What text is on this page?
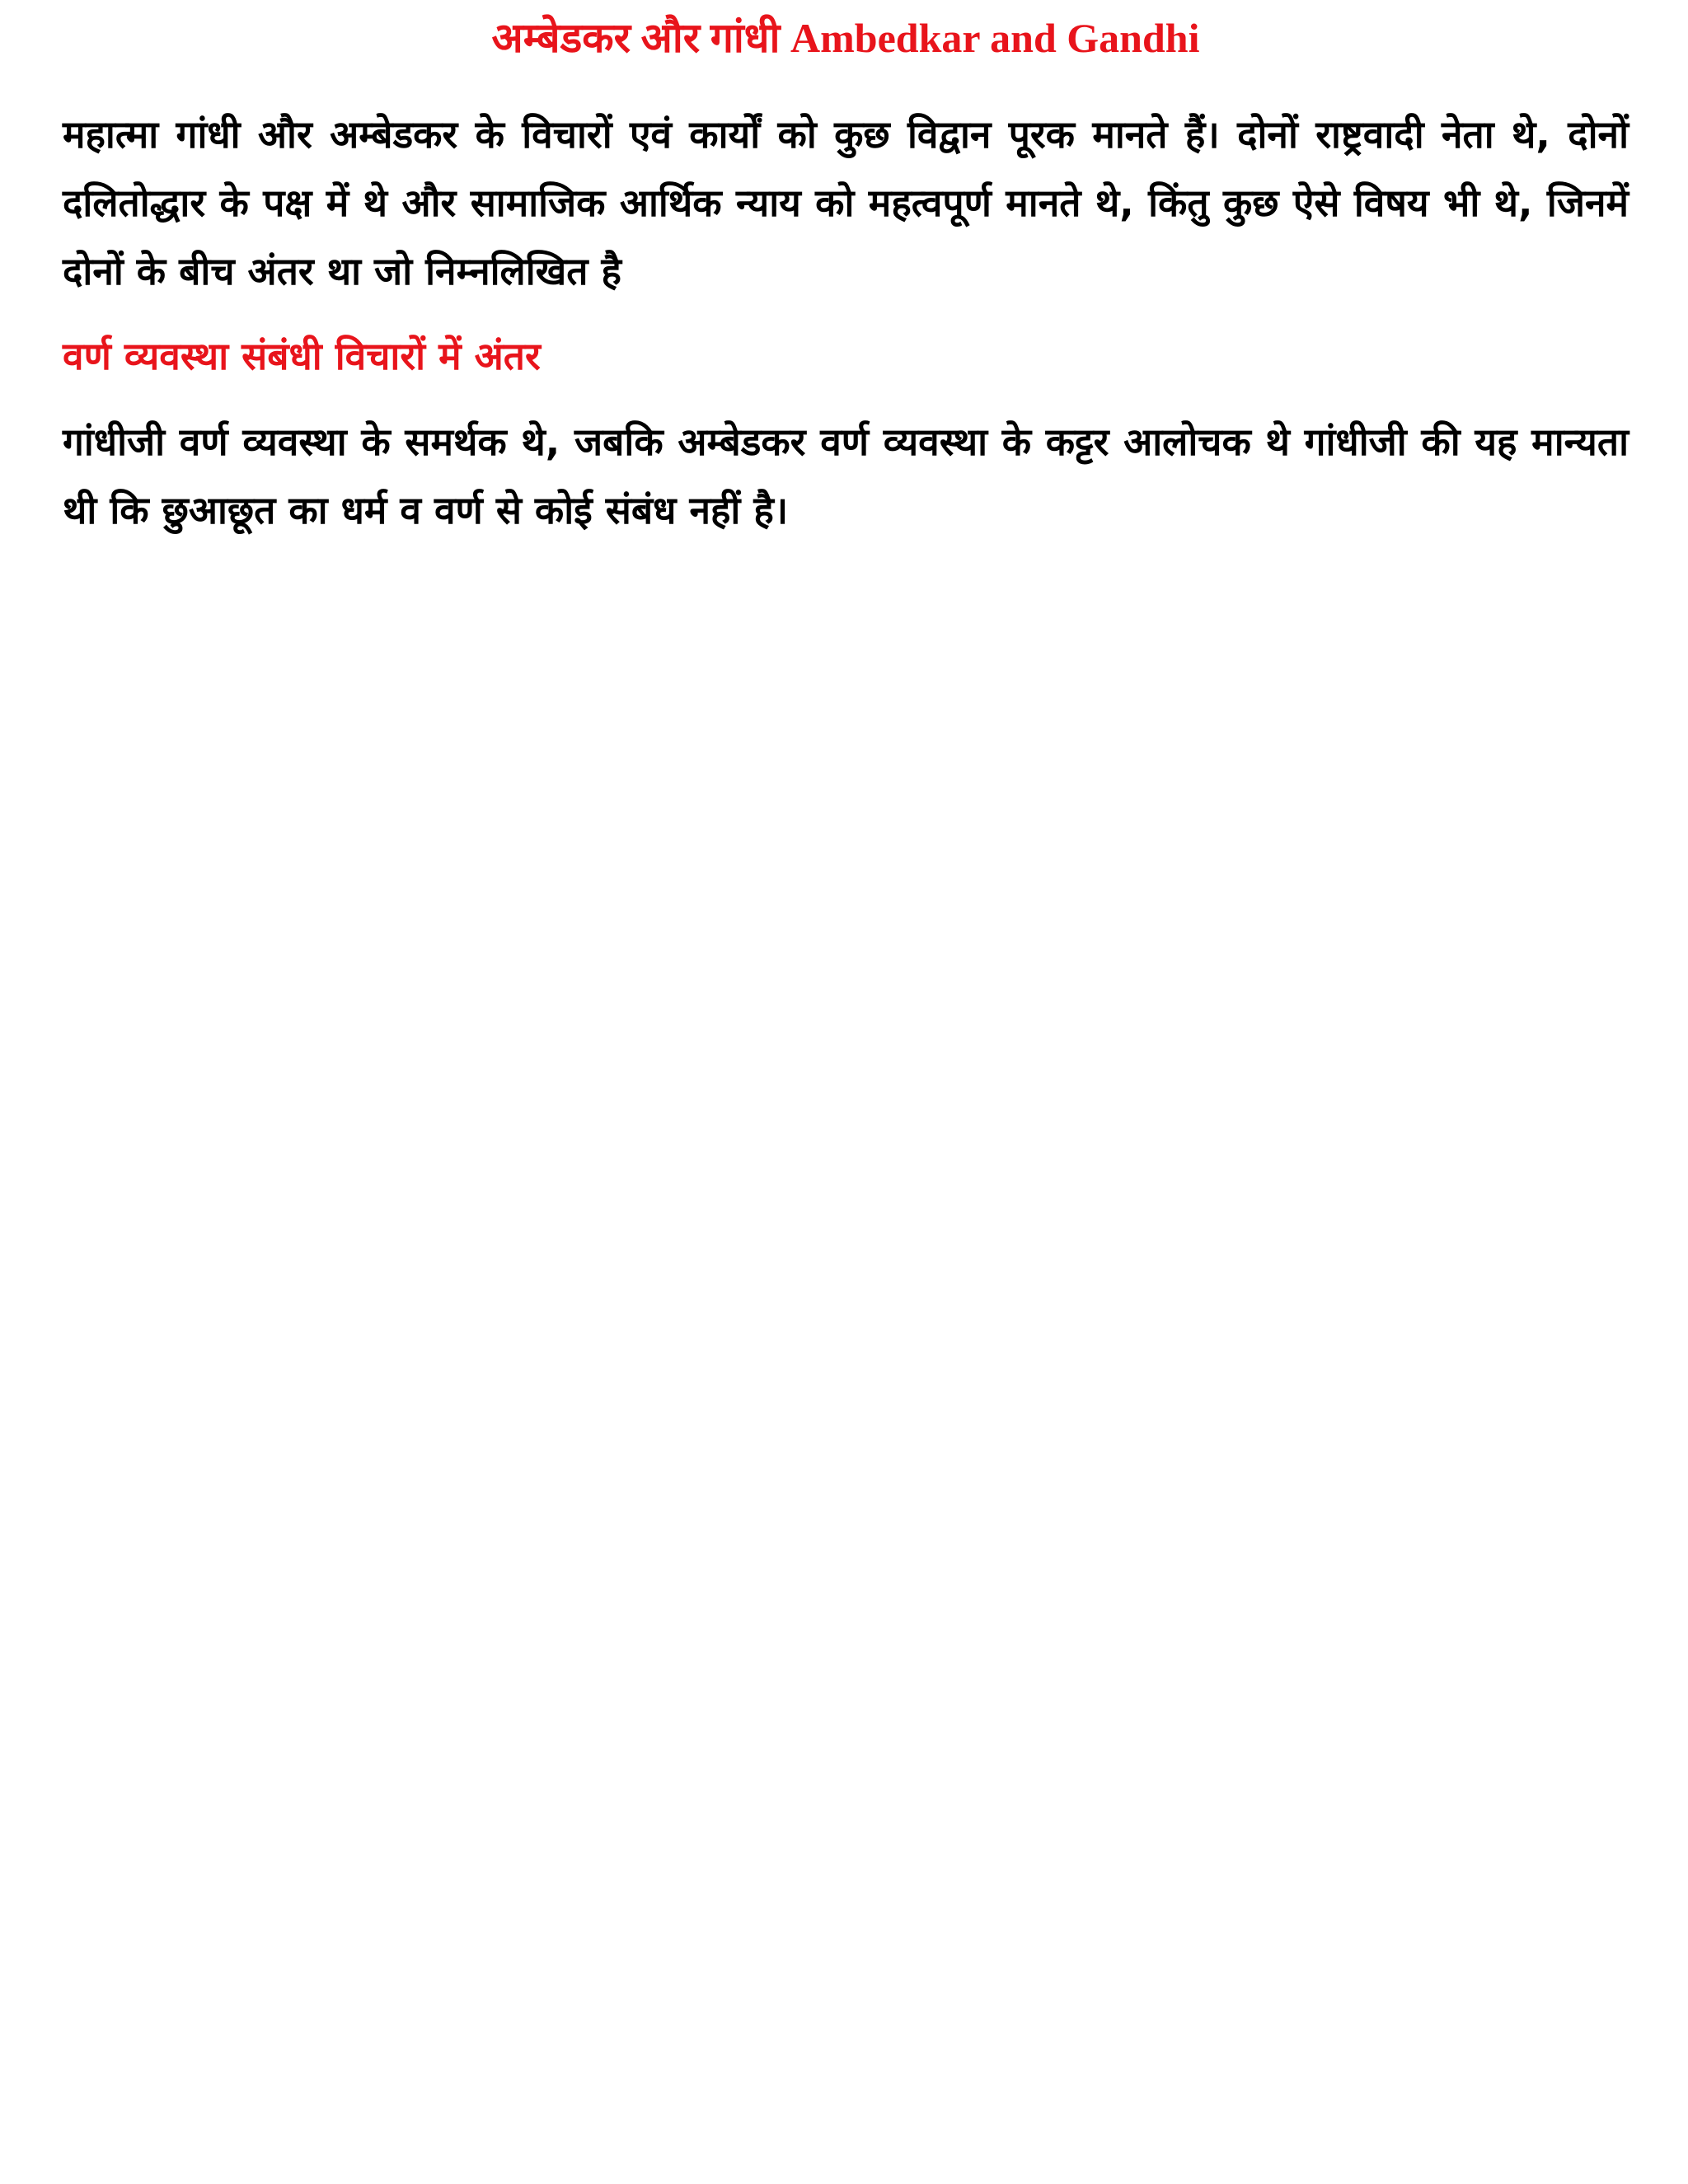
अम्बेडकर और गांधी Ambedkar and Gandhi

महात्मा गांधी और अम्बेडकर के विचारों एवं कार्यों को कुछ विद्वान पूरक मानते हैं। दोनों राष्ट्रवादी नेता थे, दोनों दलितोद्धार के पक्ष में थे और सामाजिक आर्थिक न्याय को महत्वपूर्ण मानते थे, किंतु कुछ ऐसे विषय भी थे, जिनमें दोनों के बीच अंतर था जो निम्नलिखित है

वर्ण व्यवस्था संबंधी विचारों में अंतर

गांधीजी वर्ण व्यवस्था के समर्थक थे, जबकि अम्बेडकर वर्ण व्यवस्था के कट्टर आलोचक थे गांधीजी की यह मान्यता थी कि छुआछूत का धर्म व वर्ण से कोई संबंध नहीं है।
